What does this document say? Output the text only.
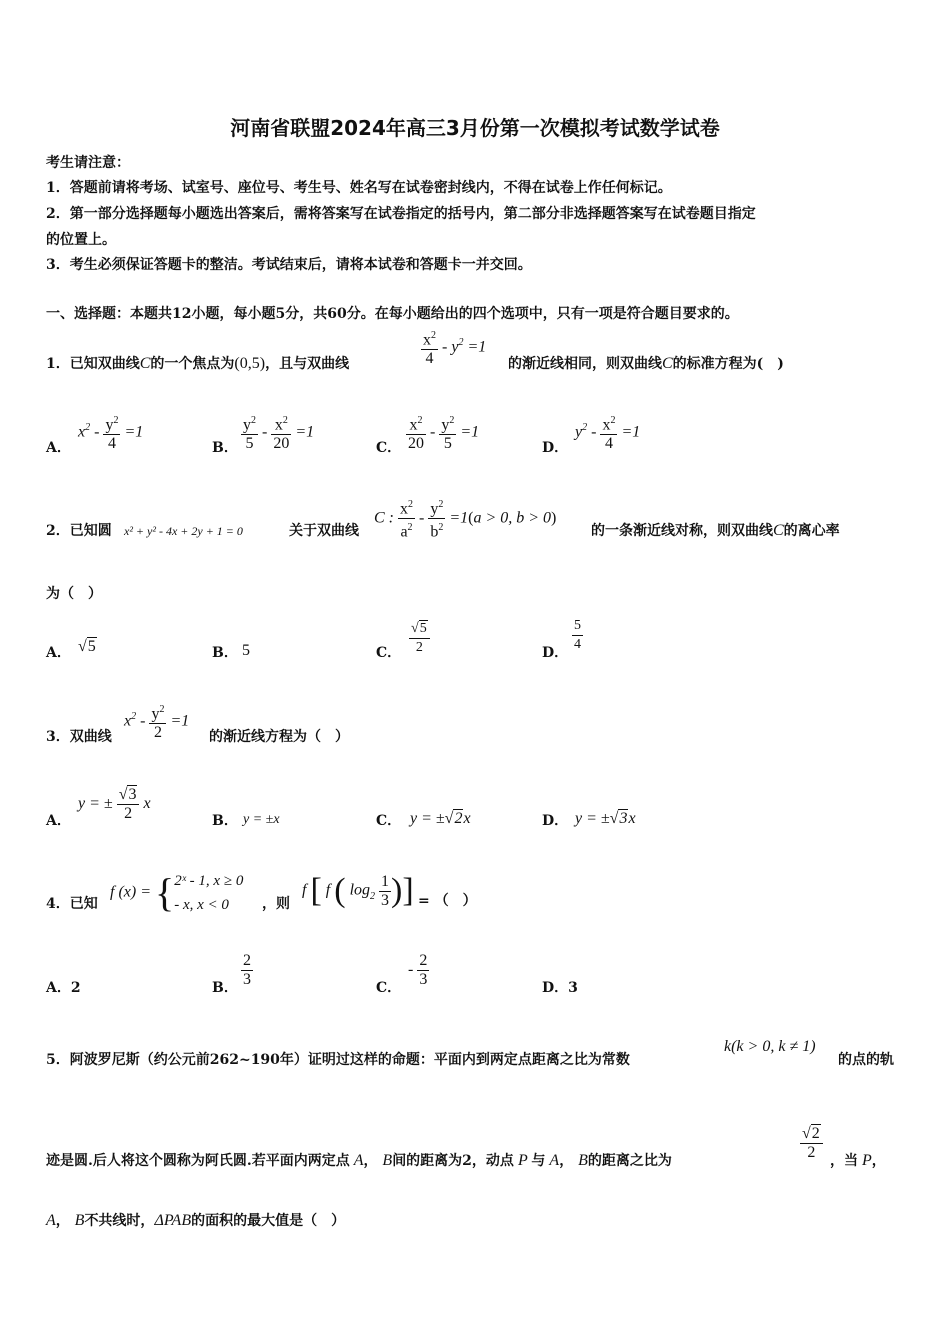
河南省联盟2024年高三3月份第一次模拟考试数学试卷
考生请注意：
1．答题前请将考场、试室号、座位号、考生号、姓名写在试卷密封线内，不得在试卷上作任何标记。
2．第一部分选择题每小题选出答案后，需将答案写在试卷指定的括号内，第二部分非选择题答案写在试卷题目指定
的位置上。
3．考生必须保证答题卡的整洁。考试结束后，请将本试卷和答题卡一并交回。
一、选择题：本题共12小题，每小题5分，共60分。在每小题给出的四个选项中，只有一项是符合题目要求的。
1．已知双曲线C的一个焦点为(0,5)，且与双曲线	$\frac{x^2}{4} - y^2 =1$
的渐近线相同，则双曲线C的标准方程为(　)
A．
$x^2 - \frac{y^2}{4} =1$
B． $\frac{y^2}{5} - \frac{x^2}{20} =1$
C． $\frac{x^2}{20} - \frac{y^2}{5} =1$
D．
$y^2 - \frac{x^2}{4} =1$
2．已知圆 x² + y² - 4x + 2y + 1 = 0	关于双曲线
C : $\frac{x^2}{a^2} - \frac{y^2}{b^2} =1(a > 0$, b > 0)
的一条渐近线对称，则双曲线C的离心率
为（　）
A． √5	B． 5	C． $\frac{√5}{2}$	D． $\frac{5}{4}$
3．双曲线
$x^2 - \frac{y^2}{2} =1$
的渐近线方程为（　）
A．
y = ± $\frac{√3}{2}$ x
B． y = ±x	C． y = ±√2x	D． y = ±√3x
4．已知
f (x) = { 2ˣ - 1, x ≥ 0
- x, x < 0	，则
f [ f ( $\log_2 \frac{1}{3}$ )] = （　）
A．2	B． $\frac{2}{3}$	C．
- $\frac{2}{3}$	D．3
5．阿波罗尼斯（约公元前262~190年）证明过这样的命题：平面内到两定点距离之比为常数
k(k > 0, k ≠ 1)
的点的轨
迹是圆.后人将这个圆称为阿氏圆.若平面内两定点 A， B间的距离为2，动点 P 与 A， B的距离之比为	$\frac{√2}{2}$ ，当 P，
A， B不共线时，ΔPAB的面积的最大值是（　）
